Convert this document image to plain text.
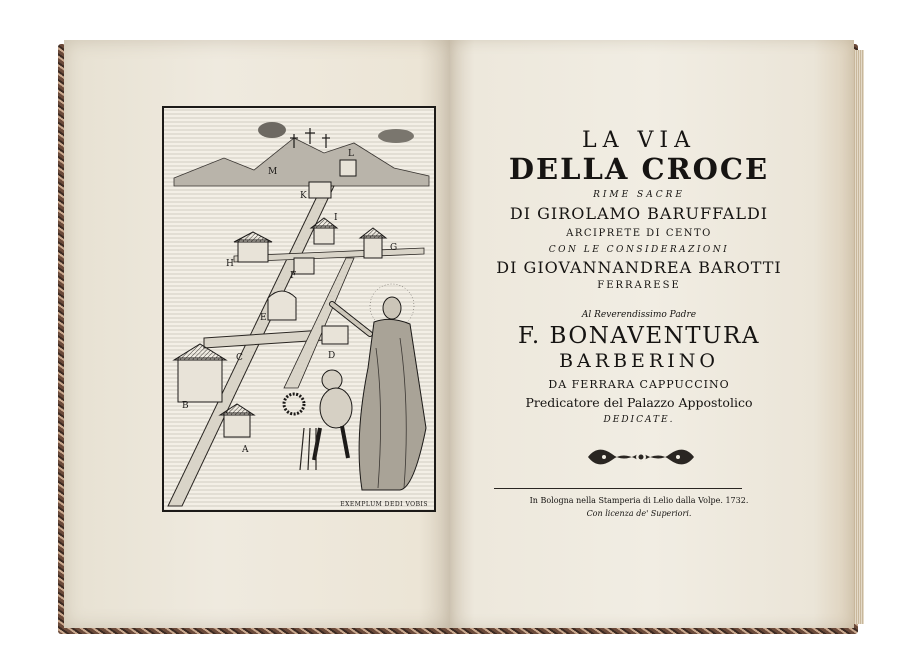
A
B
C	D
E
F
G
H
I
K
L
M
EXEMPLUM DEDI VOBIS
LA VIA
DELLA CROCE
RIME SACRE
DI GIROLAMO BARUFFALDI
ARCIPRETE DI CENTO
CON LE CONSIDERAZIONI
DI GIOVANNANDREA BAROTTI
FERRARESE
Al Reverendissimo Padre
F. BONAVENTURA
BARBERINO
DA FERRARA CAPPUCCINO
Predicatore del Palazzo Appostolico
DEDICATE.
In Bologna nella Stamperia di Lelio dalla Volpe. 1732.
Con licenza de' Superiori.
